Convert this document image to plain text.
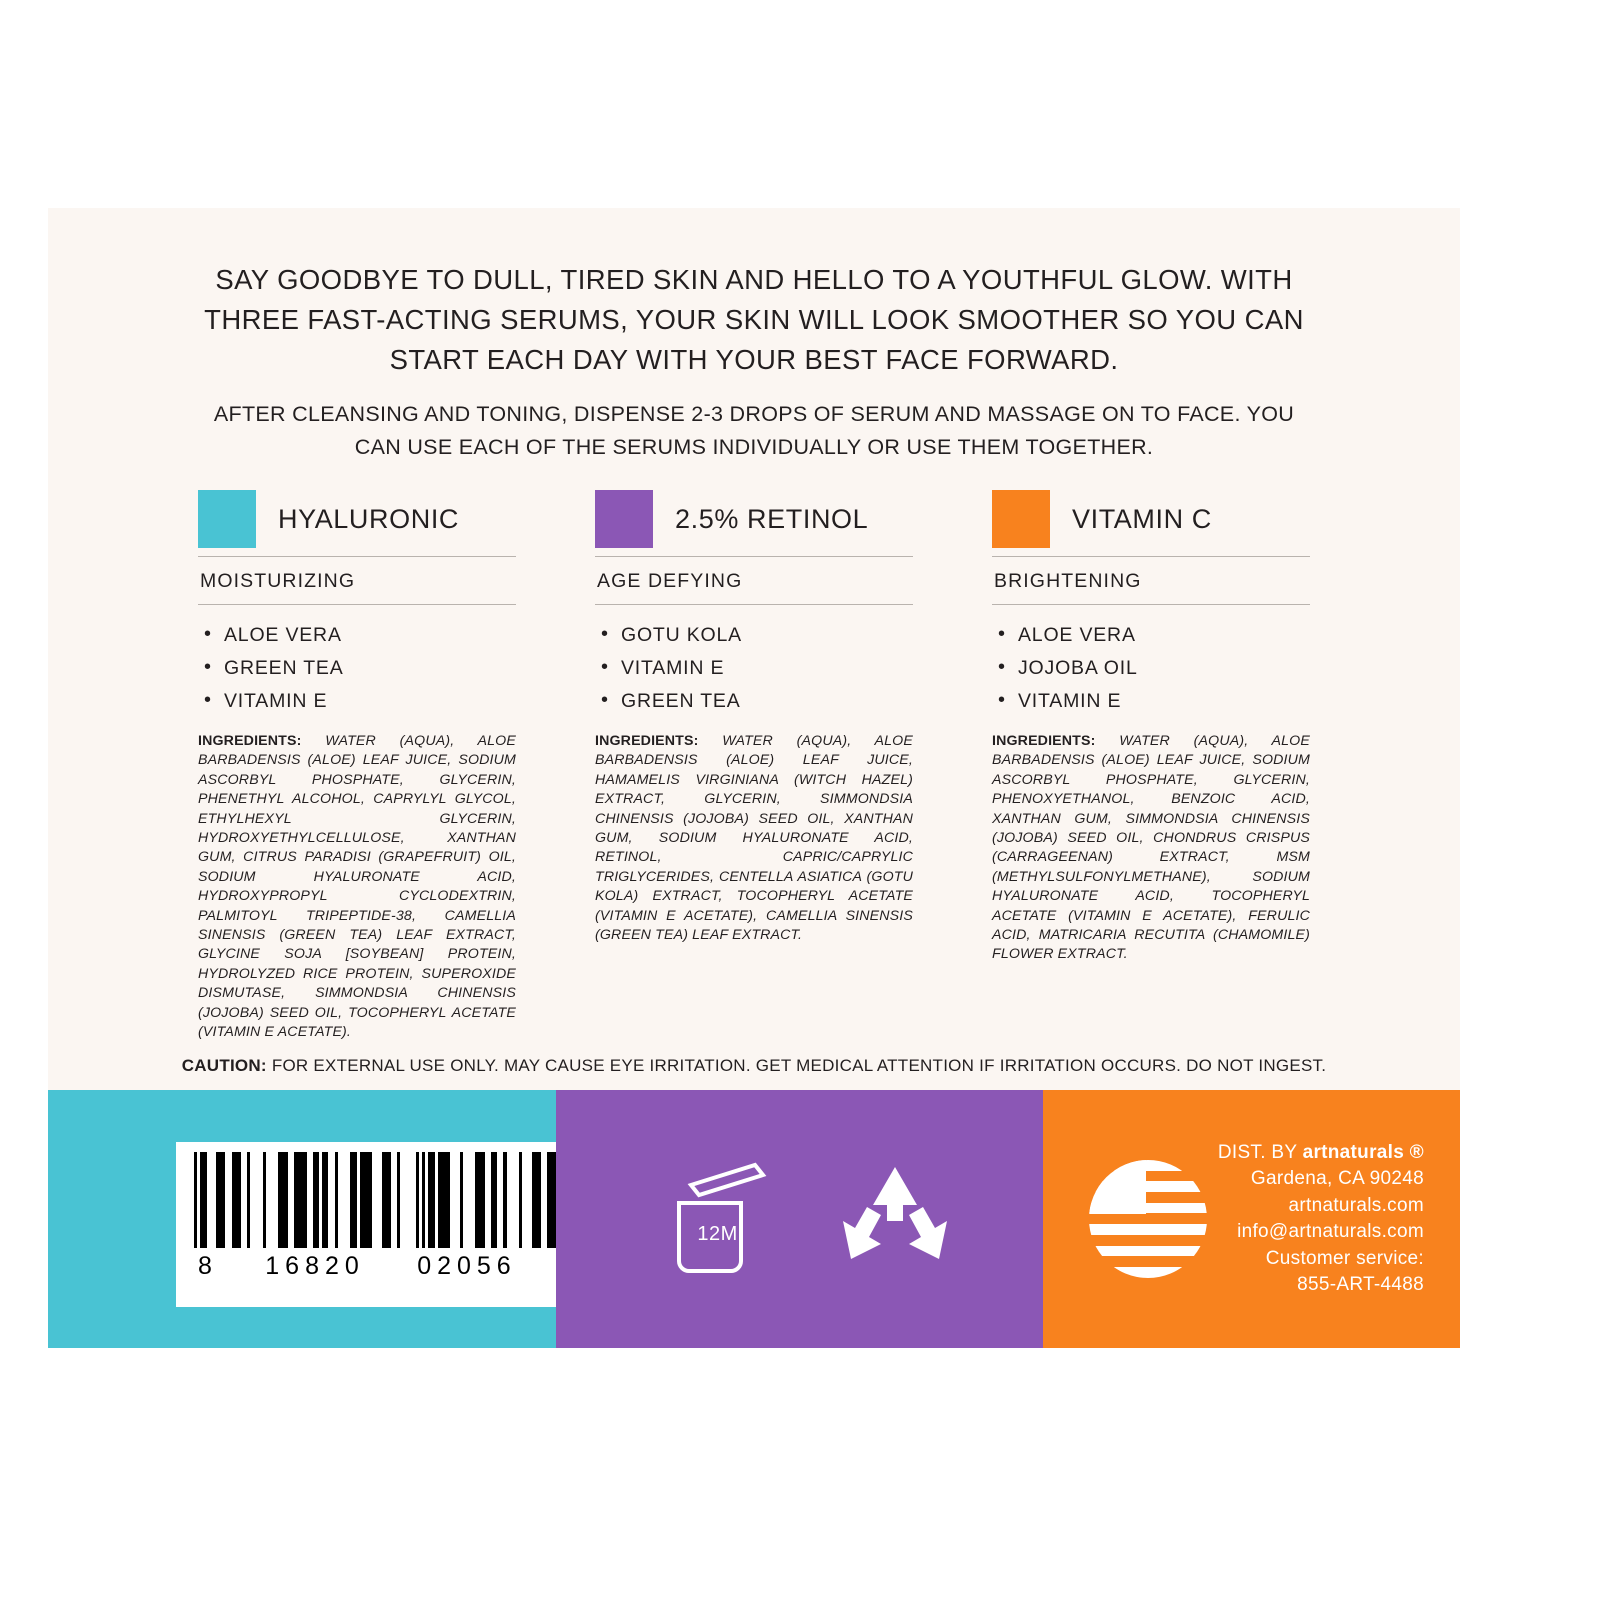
SAY GOODBYE TO DULL, TIRED SKIN AND HELLO TO A YOUTHFUL GLOW. WITH THREE FAST-ACTING SERUMS, YOUR SKIN WILL LOOK SMOOTHER SO YOU CAN START EACH DAY WITH YOUR BEST FACE FORWARD.

AFTER CLEANSING AND TONING, DISPENSE 2-3 DROPS OF SERUM AND MASSAGE ON TO FACE. YOU CAN USE EACH OF THE SERUMS INDIVIDUALLY OR USE THEM TOGETHER.

HYALURONIC
MOISTURIZING
• ALOE VERA
• GREEN TEA
• VITAMIN E

INGREDIENTS: WATER (AQUA), ALOE BARBADENSIS (ALOE) LEAF JUICE, SODIUM ASCORBYL PHOSPHATE, GLYCERIN, PHENETHYL ALCOHOL, CAPRYLYL GLYCOL, ETHYLHEXYL GLYCERIN, HYDROXYETHYLCELLULOSE, XANTHAN GUM, CITRUS PARADISI (GRAPEFRUIT) OIL, SODIUM HYALURONATE ACID, HYDROXYPROPYL CYCLODEXTRIN, PALMITOYL TRIPEPTIDE-38, CAMELLIA SINENSIS (GREEN TEA) LEAF EXTRACT, GLYCINE SOJA [SOYBEAN] PROTEIN, HYDROLYZED RICE PROTEIN, SUPEROXIDE DISMUTASE, SIMMONDSIA CHINENSIS (JOJOBA) SEED OIL, TOCOPHERYL ACETATE (VITAMIN E ACETATE).

2.5% RETINOL
AGE DEFYING
• GOTU KOLA
• VITAMIN E
• GREEN TEA

INGREDIENTS: WATER (AQUA), ALOE BARBADENSIS (ALOE) LEAF JUICE, HAMAMELIS VIRGINIANA (WITCH HAZEL) EXTRACT, GLYCERIN, SIMMONDSIA CHINENSIS (JOJOBA) SEED OIL, XANTHAN GUM, SODIUM HYALURONATE ACID, RETINOL, CAPRIC/CAPRYLIC TRIGLYCERIDES, CENTELLA ASIATICA (GOTU KOLA) EXTRACT, TOCOPHERYL ACETATE (VITAMIN E ACETATE), CAMELLIA SINENSIS (GREEN TEA) LEAF EXTRACT.

VITAMIN C
BRIGHTENING
• ALOE VERA
• JOJOBA OIL
• VITAMIN E

INGREDIENTS: WATER (AQUA), ALOE BARBADENSIS (ALOE) LEAF JUICE, SODIUM ASCORBYL PHOSPHATE, GLYCERIN, PHENOXYETHANOL, BENZOIC ACID, XANTHAN GUM, SIMMONDSIA CHINENSIS (JOJOBA) SEED OIL, CHONDRUS CRISPUS (CARRAGEENAN) EXTRACT, MSM (METHYLSULFONYLMETHANE), SODIUM HYALURONATE ACID, TOCOPHERYL ACETATE (VITAMIN E ACETATE), FERULIC ACID, MATRICARIA RECUTITA (CHAMOMILE) FLOWER EXTRACT.

CAUTION: FOR EXTERNAL USE ONLY. MAY CAUSE EYE IRRITATION. GET MEDICAL ATTENTION IF IRRITATION OCCURS. DO NOT INGEST.
8 16820 02056
12M
DIST. BY artnaturals ®
Gardena, CA 90248
artnaturals.com
info@artnaturals.com
Customer service:
855-ART-4488
